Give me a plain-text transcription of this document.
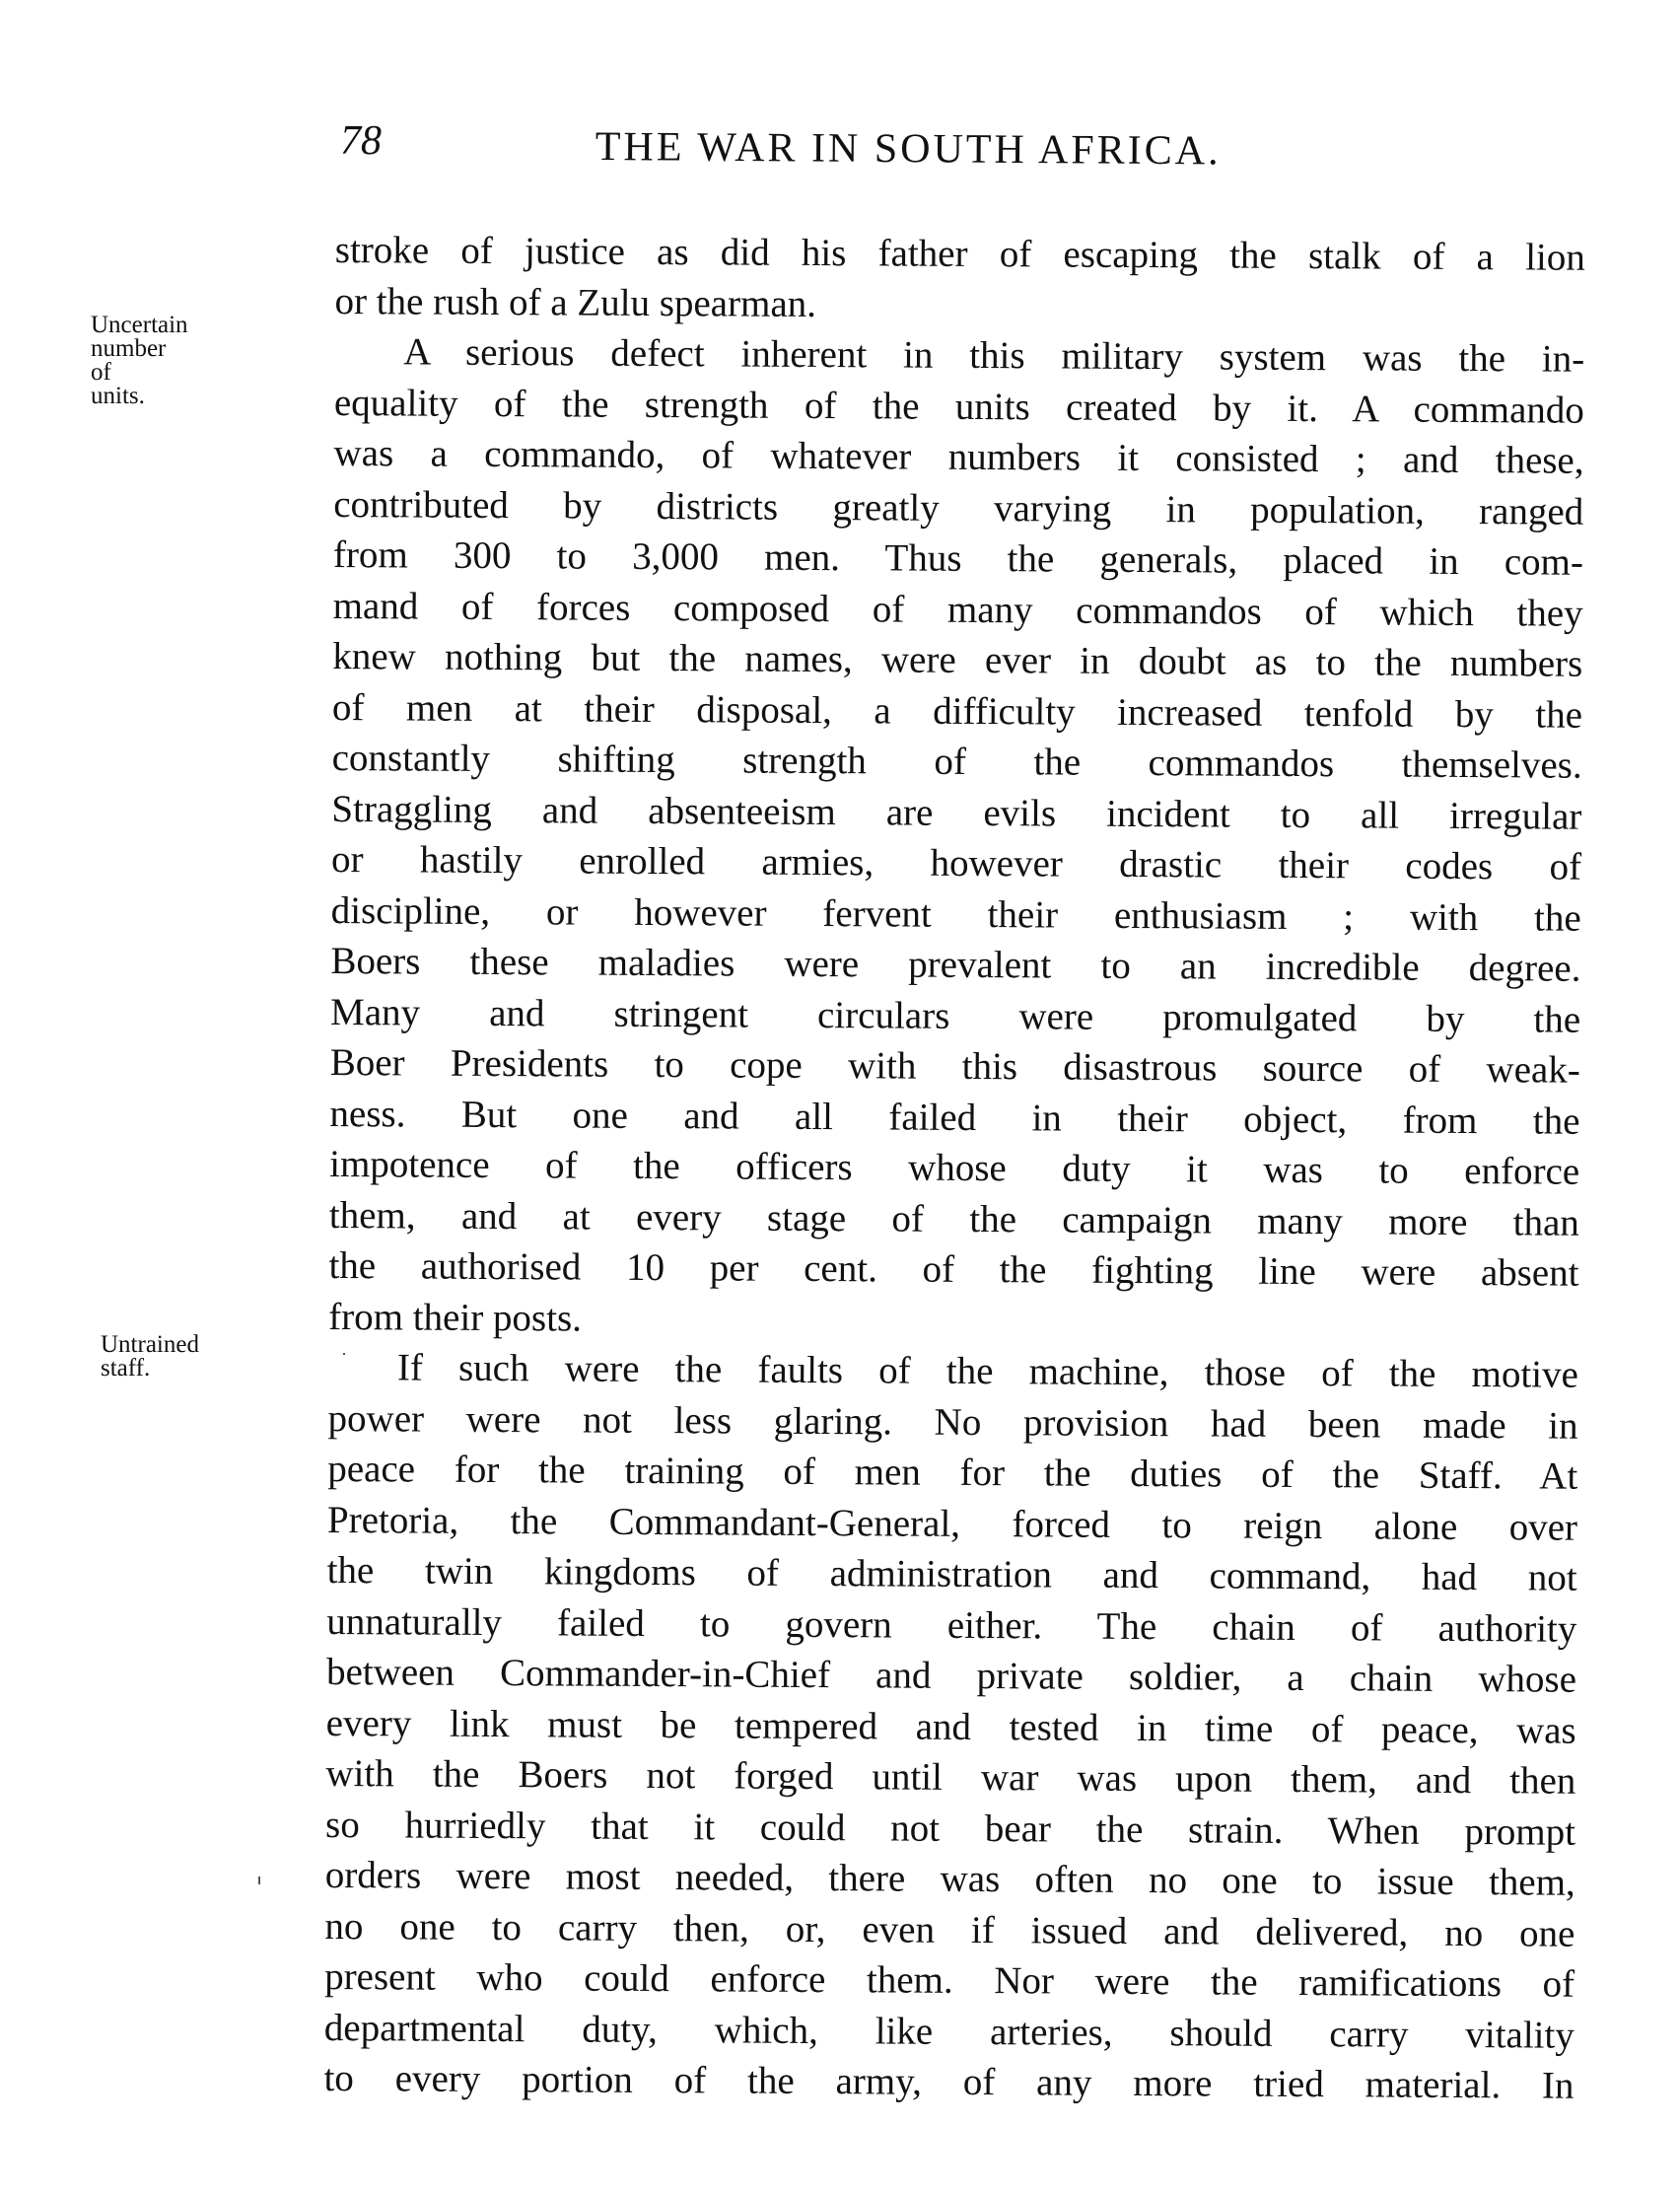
78	THE WAR IN SOUTH AFRICA.
Uncertain
number
of
units.
Untrained
staff.
stroke of justice as did his father of escaping the stalk of a lion
or the rush of a Zulu spearman.
A serious defect inherent in this military system was the in-
equality of the strength of the units created by it. A commando
was a commando, of whatever numbers it consisted ; and these,
contributed by districts greatly varying in population, ranged
from 300 to 3,000 men. Thus the generals, placed in com-
mand of forces composed of many commandos of which they
knew nothing but the names, were ever in doubt as to the numbers
of men at their disposal, a difficulty increased tenfold by the
constantly shifting strength of the commandos themselves.
Straggling and absenteeism are evils incident to all irregular
or hastily enrolled armies, however drastic their codes of
discipline, or however fervent their enthusiasm ; with the
Boers these maladies were prevalent to an incredible degree.
Many and stringent circulars were promulgated by the
Boer Presidents to cope with this disastrous source of weak-
ness. But one and all failed in their object, from the
impotence of the officers whose duty it was to enforce
them, and at every stage of the campaign many more than
the authorised 10 per cent. of the fighting line were absent
from their posts.
If such were the faults of the machine, those of the motive
power were not less glaring. No provision had been made in
peace for the training of men for the duties of the Staff. At
Pretoria, the Commandant-General, forced to reign alone over
the twin kingdoms of administration and command, had not
unnaturally failed to govern either. The chain of authority
between Commander-in-Chief and private soldier, a chain whose
every link must be tempered and tested in time of peace, was
with the Boers not forged until war was upon them, and then
so hurriedly that it could not bear the strain. When prompt
orders were most needed, there was often no one to issue them,
no one to carry then, or, even if issued and delivered, no one
present who could enforce them. Nor were the ramifications of
departmental duty, which, like arteries, should carry vitality
to every portion of the army, of any more tried material. In
